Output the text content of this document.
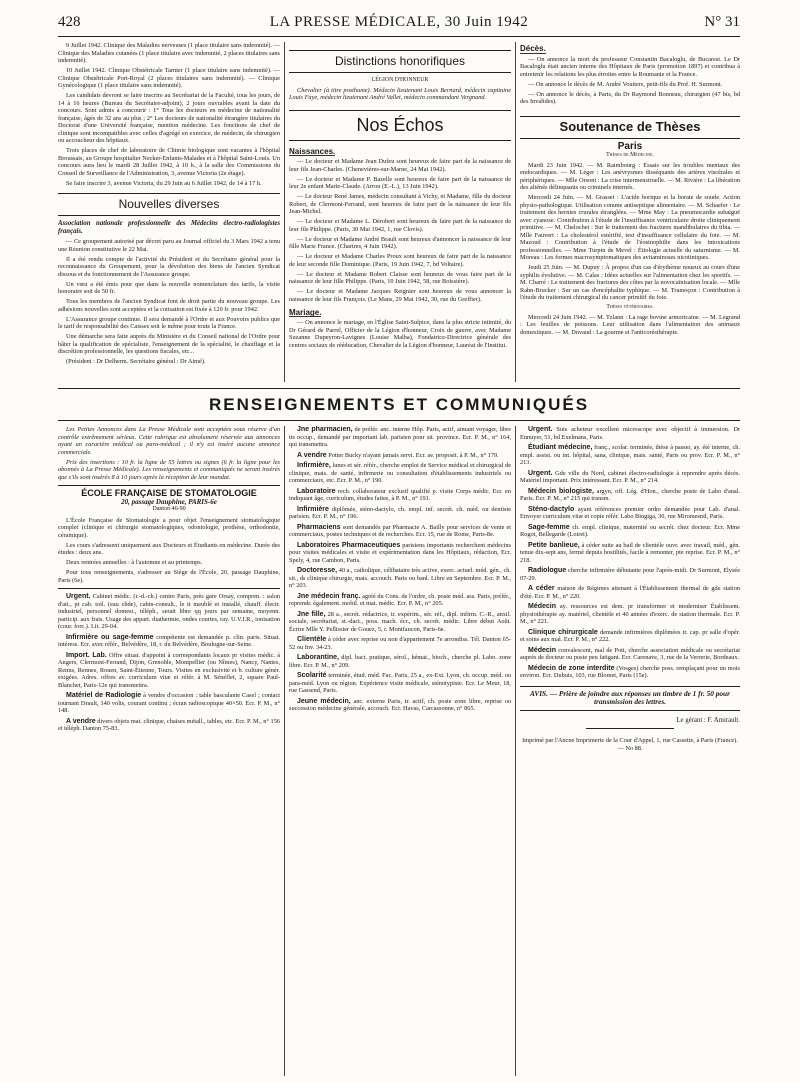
428	LA PRESSE MÉDICALE, 30 Juin 1942	N° 31

9 Juillet 1942. Clinique des Maladies nerveuses (1 place titulaire sans indemnité). — Clinique des Maladies cutanées (1 place titulaire avec indemnité, 2 places titulaires sans indemnité).

10 Juillet 1942. Clinique Obstétricale Tarnier (1 place titulaire sans indemnité). — Clinique Obstétricale Port-Royal (2 places titulaires sans indemnité). — Clinique Gynécologique (1 place titulaire sans indemnité).

Les candidats devront se faire inscrire au Secrétariat de la Faculté, tous les jours, de 14 à 16 heures (Bureau du Secrétaire-adjoint), 2 jours ouvrables avant la date du concours. Sont admis à concourir : 1° Tous les docteurs en médecine de nationalité française, âgés de 32 ans au plus ; 2° Les docteurs de nationalité étrangère titulaires du Doctorat d'une Université française, mention médecine. Les fonctions de chef de clinique sont incompatibles avec celles d'agrégé en exercice, de médecin, de chirurgien ou accoucheur des hôpitaux.

Trois places de chef de laboratoire de Chimie biologique sont vacantes à l'hôpital Broussais, au Groupe hospitalier Necker-Enfants-Malades et à l'hôpital Saint-Louis. Un concours aura lieu le mardi 28 Juillet 1942, à 10 h., à la salle des Commissions du Conseil de Surveillance de l'Administration, 3, avenue Victoria (2e étage).

Se faire inscrire 3, avenue Victoria, du 29 Juin au 6 Juillet 1942, de 14 à 17 h.

Nouvelles diverses

Association nationale professionnelle des Médecins électro-radiologistes français.

— Ce groupement autorisé par décret paru au Journal officiel du 3 Mars 1942 a tenu une Réunion constitutive le 22 Mai.

Il a été rendu compte de l'activité du Président et du Secrétaire général pour la reconnaissance du Groupement, pour la dévolution des biens de l'ancien Syndicat dissous et du fonctionnement de l'Assurance groupe.

Un vœu a été émis pour que dans la nouvelle nomenclature des tarifs, la visite honoraire soit de 50 fr.

Tous les membres de l'ancien Syndicat font de droit partie du nouveau groupe. Les adhésions nouvelles sont acceptées et la cotisation est fixée à 120 fr. pour 1942.

L'Assurance groupe continue. Il sera demandé à l'Ordre et aux Pouvoirs publics que le tarif de responsabilité des Caisses soit le même pour toute la France.

Une démarche sera faite auprès du Ministère et du Conseil national de l'Ordre pour hâter la qualification de spécialiste, l'enseignement de la spécialité, le chauffage et la discrétion professionnelle, les questions fiscales, etc...

(Président : Dr Delherm. Secrétaire général : Dr Aimé).

Distinctions honorifiques
LÉGION D'HONNEUR

Chevalier (à titre posthume). Médecin lieutenant Louis Bernard, médecin capitaine Louis Faye, médecin lieutenant André Vallet, médecin commandant Vergnand.

Nos Échos
Naissances.

— Le docteur et Madame Jean Dufeu sont heureux de faire part de la naissance de leur fils Jean-Charles. (Chenevières-sur-Marne, 24 Mai 1942).

— Le docteur et Madame P. Bazelle sont heureux de faire part de la naissance de leur 2e enfant Marie-Claude. (Arrou (E.-L.), 13 Juin 1942).

— Le docteur René James, médecin consultant à Vichy, et Madame, fille du docteur Robert, de Clermont-Ferrand, sont heureux de faire part de la naissance de leur fils Jean-Michel.

— Le docteur et Madame L. Dérobert sont heureux de faire part de la naissance de leur fils Philippe. (Paris, 30 Mai 1942, 1, rue Clovis).

— Le docteur et Madame André Brault sont heureux d'annoncer la naissance de leur fille Marie France. (Chartres, 4 Juin 1942).

— Le docteur et Madame Charles Proux sont heureux de faire part de la naissance de leur seconde fille Dominique. (Paris, 19 Juin 1942, 7, bd Voltaire).

— Le docteur et Madame Robert Claisse sont heureux de vous faire part de la naissance de leur fille Philippe. (Paris, 10 Juin 1942, 58, rue Boissière).

— Le docteur et Madame Jacques Reignier sont heureux de vous annoncer la naissance de leur fils François. (Le Mans, 29 Mai 1942, 30, rue du Greffier).

Mariage.

— On annonce le mariage, en l'Église Saint-Sulpice, dans la plus stricte intimité, du Dr Gérard de Parrel, Officier de la Légion d'honneur, Croix de guerre, avec Madame Suzanne Dupeyron-Lavignes (Louise Malba), Fondatrice-Directrice générale des centres sociaux de rééducation, Chevalier de la Légion d'honneur, Lauréat de l'Institut.

Décès.

— On annonce la mort du professeur Constantin Bacaloglu, de Bucarest. Le Dr Bacaloglu était ancien interne des Hôpitaux de Paris (promotion 1897) et contribua à entretenir les relations les plus étroites entre la Roumanie et la France.

— On annonce le décès de M. André Voutters, petit-fils du Prof. H. Surmont.

— On annonce le décès, à Paris, du Dr Raymond Bonneau, chirurgien (47 bis, bd des Invalides).

Soutenance de Thèses
Paris
Thèses de Médecine.

Mardi 23 Juin 1942. — M. Raimbourg : Essais sur les troubles mentaux des endocardiques. — M. Léger : Les anévrysmes disséquants des artères viscérales et périphériques. — Mlle Orsoni : La crise intermenstruelle. — M. Rivière : La libération des aliénés délinquants ou criminels internés.

Mercredi 24 Juin. — M. Grasset : L'acide borique et la borate de soude. Action physio-pathologique. Utilisation comme antiseptique alimentaire. — M. Schaefer : Le traitement des hernies crurales étranglées. — Mme May : La pneumocardie subaiguë avec cyanose. Contribution à l'étude de l'insuffisance ventriculaire droite cliniquement primitive. — M. Chelochet : Sur le traitement des fractures mandibulaires du tibia. — Mlle Fauvert : La cholestérol estérifié, test d'insuffisance cellulaire du foie. — M. Mazoud : Contribution à l'étude de l'éosinophilie dans les intoxications professionnelles. — Mme Turpin de Mevel : Étiologie actuelle du saturnisme. — M. Moreau : Les formes macrosymptomatiques des avitaminoses nicotiniques.

Jeudi 25 Juin. — M. Dupuy : À propos d'un cas d'érythème noueux au cours d'une syphilis évolutive. — M. Calas : Idées actuelles sur l'alimentation chez les sportifs. — M. Charré : Le traitement des fractures des côtes par la novocaïnisation locale. — Mlle Rahn-Brucker : Sur un cas d'encéphalite typhique. — M. Tramoçon : Contribution à l'étude du traitement chirurgical du cancer primitif du foie.

Thèses vétérinaires.

Mercredi 24 Juin 1942. — M. Tzlann : La rage bovine armoricaine. — M. Legrand : Les feuilles de poissons. Leur utilisation dans l'alimentation des animaux domestiques. — M. Duvaud : La gourme et l'anticorésthérapie.

RENSEIGNEMENTS ET COMMUNIQUÉS

Les Petites Annonces dans La Presse Médicale sont acceptées sous réserve d'un contrôle extrêmement sérieux. Cette rubrique est absolument réservée aux annonces ayant un caractère médical ou para-médical ; il n'y est inséré aucune annonce commerciale.

Prix des insertions : 10 fr. la ligne de 55 lettres ou signes (6 fr. la ligne pour les abonnés à La Presse Médicale). Les renseignements et communiqués ne seront insérés que s'ils sont insérés 8 à 10 jours après la réception de leur mandat.

ÉCOLE FRANÇAISE DE STOMATOLOGIE
20, passage Dauphine, PARIS-6e
Danton 46-90

L'École Française de Stomatologie a pour objet l'enseignement stomatologique complet (clinique et chirurgie stomatologiques, odontologie, prothèse, orthodontie, céramique).

Les cours s'adressent uniquement aux Docteurs et Étudiants en médecine. Durée des études : deux ans.

Deux rentrées annuelles : à l'automne et au printemps.

Pour tous renseignements, s'adresser au Siège de l'École, 20, passage Dauphine, Paris (6e).

Urgent. Cabinet médic. (r.-d.-ch.) centre Paris, près gare Orsay, compren. : salon d'att., pt cab. toil. (eau chde), cabin-consult., le tt meublé et installé, chauff. électr. industriel, personnel domest., téléph., serait libre qq jours par semaine, moyenn. particip. aux frais. Usage des appart. diathermie, ondes courtes, ray. U.V.I.R., ionisation (cour. forc.). Lit. 29-04.

Infirmière ou sage-femme compétente est demandée p. clin. paris. Situat. intéress. Ecr. avec référ., Belvédère, 18, r. du Belvédère, Boulogne-sur-Seine.

Import. Lab. Offre situat. d'appoint à correspondants locaux pr visites médic. à Angers, Clermont-Ferrand, Dijon, Grenoble, Montpellier (ou Nîmes), Nancy, Nantes, Reims, Rennes, Rouen, Saint-Étienne, Tours. Visites en exclusivité et b. culture génér. exigées. Adres. offres av. curriculum vitæ et référ. à M. Sénéflet, 2, square Paul-Blanchet, Paris-12e qui transmettra.

Matériel de Radiologie à vendre d'occasion : table basculante Casel ; contact tournant Drault, 140 volts, courant continu ; écran radioscopique 40×50. Ecr. P. M., n° 148.

A vendre divers objets mat. clinique, chaises métall., tables, etc. Ecr. P. M., n° 156 et téléph. Danton 75-83.

Jne pharmacien, de préfér. anc. interne Hôp. Paris, actif, aimant voyager, libre tts occup., demandé par important lab. parisien pour sit. province. Ecr. P. M., n° 164, qui transmettra.

A vendre Potter Bucky n'ayant jamais servi. Ecr. av. proposit. à P. M., n° 179.

Infirmière, lunes et sér. référ., cherche emploi de Service médical et chirurgical de clinique, mais. de santé, infirmerie ou consultation d'établissements industriels ou commerciaux, etc. Ecr. P. M., n° 190.

Laboratoire rech. collaborateur exclusif qualifié p. visite Corps médic. Ecr. en indiquant âge, curriculum, études faites, à P. M., n° 191.

Infirmière diplômée, sténo-dactylo, ch. empl. inf. secrét. ch. méd. ou dentiste parisien. Ecr. P. M., n° 196.

Pharmaciens sont demandés par Pharmacie A. Bailly pour services de vente et commerciaux, postes techniques et de recherches. Ecr. 15, rue de Rome, Paris-8e.

Laboratoires Pharmaceutiques parisiens importants recherchent médecins pour visites médicales et visite et expérimentation dans les Hôpitaux, rédaction, Ecr. Spely, 4, rue Cambon, Paris.

Doctoresse, 40 a., catholique, célibataire très active, exerc. actuel. méd. gén., ch. sit., ds clinique chirurgie, mais. accouch. Paris ou banl. Libre en Septembre. Ecr. P. M., n° 203.

Jne médecin franç. agréé du Cons. de l'ordre, ch. poste méd. ass. Paris, préfér., reprendr. également. mobil. et mat. médic. Ecr. P. M., n° 205.

Jne fille, 28 a., secrét. rédactrice, tr. expérim., sér. réf., dipl. infirm. C.-R., anxil. sociale, secrétariat, st.-dact., poss. mach. écr., ch. secrét. médic. Libre début Août. Écrire Mlle Y. Pellissier de Gouez, 5, r. Montfaucon, Paris-6e.

Clientèle à céder avec reprise ou non d'appartement 7e arrondiss. Tél. Danton 65-52 ou Inv. 34-23.

Laborantine, dipl. bact. pratique, sérol., hémat., bioch., cherche pl. Labo. zone libre. Ecr. P. M., n° 209.

Scolarité terminée, étud. méd. Fac. Paris, 25 a., ex-Ext. Lyon, ch. occup. méd. ou para-méd. Lyon ou région. Expérience visite médicale, sténotypiste. Ecr. Le Meur, 18, rue Gassend, Paris.

Jeune médecin, anc. externe Paris, tr. actif, ch. poste zone libre, reprise ou succession médecine générale, accouch. Ecr. Havas, Carcassonne, n° 865.

Urgent. Suis acheteur excellent microscope avec objectif à immersion. Dr Ennuyer, 51, bd Exelmans, Paris.

Étudiant médecine, franç., scolar. terminée, thèse à passer, ay. été interne, ch. empl. assist. ou int. hôpital, sana, clinique, mais. santé, Paris ou prov. Ecr. P. M., n° 213.

Urgent. Gde ville du Nord, cabinet électro-radiologie à reprendre après décès. Matériel important. Prix intéressant. Ecr. P. M., n° 214.

Médecin biologiste, argyn, off. Lég. d'Hon., cherche poste de Labo d'anal. Paris. Ecr. P. M., n° 215 qui transm.

Sténo-dactylo ayant références premier ordre demandée pour Lab. d'anal. Envoyer curriculum vitæ et copie référ. Labo Biogiga, 30, rue Miromesnil, Paris.

Sage-femme ch. empl. clinique, maternité ou secrét. chez docteur. Ecr. Mme Rogot, Bellegarde (Loiret).

Petite banlieue, à céder suite au bail de clientèle ouvr. avec travail, méd., gén. tenue dix-sept ans, fermé depuis hostilités, facile à remonter, pte reprise. Ecr. P. M., n° 218.

Radiologue cherche infirmière débutante pour l'après-midi. Dr Surmont, Elysée 07-29.

A céder maison de Régimes attenant à l'Établissement thermal de gde station d'été. Ecr. P. M., n° 220.

Médecin ay. ressources est dem. pr transformer et moderniser Établissem. physiothérapie ay. matériel, clientèle et 40 années d'exerc. de station thermale. Ecr. P. M., n° 221.

Clinique chirurgicale demande infirmières diplômées tr. cap. pr salle d'opér. et soins aux mal. Ecr. P. M., n° 222.

Médecin convalescent, mal de Pott, cherche association médicale ou secrétariat auprès de docteur ou poste peu fatigant. Ecr. Carenave, 3, rue de la Verrerie, Bordeaux.

Médecin de zone interdite (Vosges) cherche poss. remplaçant pour un mois environ. Ecr. Dubuis, 103, rue Blomet, Paris (15e).

AVIS. — Prière de joindre aux réponses un timbre de 1 fr. 50 pour transmission des lettres.
Le gérant : F. Amirault.
Imprimé par l'Ancne Imprimerie de la Cour d'Appel, 1, rue Cassette, à Paris (France). — No 88.
